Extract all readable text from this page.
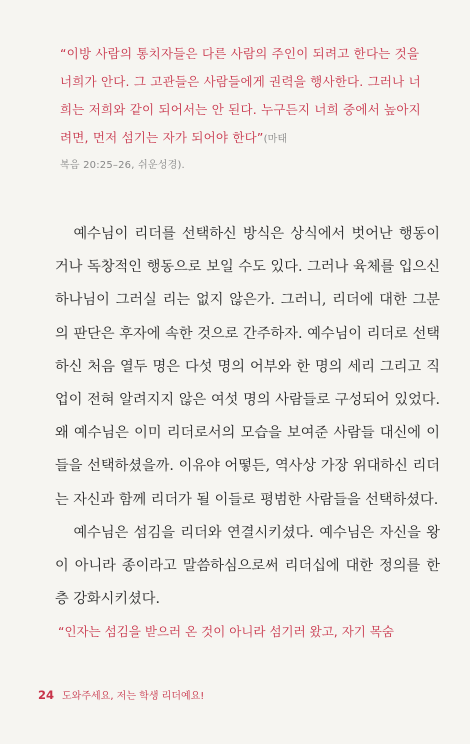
“이방 사람의 통치자들은 다른 사람의 주인이 되려고 한다는 것을 너희가 안다. 그 고관들은 사람들에게 권력을 행사한다. 그러나 너희는 저희와 같이 되어서는 안 된다. 누구든지 너희 중에서 높아지려면, 먼저 섬기는 자가 되어야 한다”(마태
복음 20:25–26, 쉬운성경).

예수님이 리더를 선택하신 방식은 상식에서 벗어난 행동이거나 독창적인 행동으로 보일 수도 있다. 그러나 육체를 입으신 하나님이 그러실 리는 없지 않은가. 그러니, 리더에 대한 그분의 판단은 후자에 속한 것으로 간주하자. 예수님이 리더로 선택하신 처음 열두 명은 다섯 명의 어부와 한 명의 세리 그리고 직업이 전혀 알려지지 않은 여섯 명의 사람들로 구성되어 있었다. 왜 예수님은 이미 리더로서의 모습을 보여준 사람들 대신에 이들을 선택하셨을까. 이유야 어떻든, 역사상 가장 위대하신 리더는 자신과 함께 리더가 될 이들로 평범한 사람들을 선택하셨다.

예수님은 섬김을 리더와 연결시키셨다. 예수님은 자신을 왕이 아니라 종이라고 말씀하심으로써 리더십에 대한 정의를 한층 강화시키셨다.

“인자는 섬김을 받으러 온 것이 아니라 섬기러 왔고, 자기 목숨
24 도와주세요, 저는 학생 리더예요!
